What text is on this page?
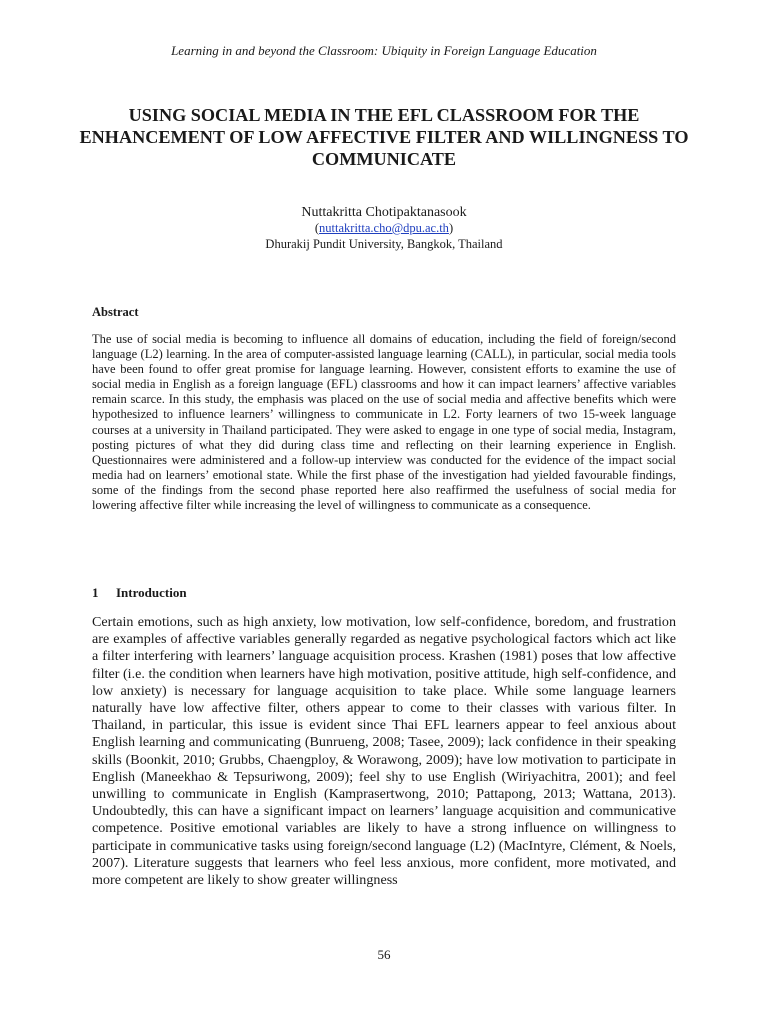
Learning in and beyond the Classroom: Ubiquity in Foreign Language Education
USING SOCIAL MEDIA IN THE EFL CLASSROOM FOR THE ENHANCEMENT OF LOW AFFECTIVE FILTER AND WILLINGNESS TO COMMUNICATE
Nuttakritta Chotipaktanasook
(nuttakritta.cho@dpu.ac.th)
Dhurakij Pundit University, Bangkok, Thailand
Abstract

The use of social media is becoming to influence all domains of education, including the field of foreign/second language (L2) learning. In the area of computer-assisted language learning (CALL), in particular, social media tools have been found to offer great promise for language learning. However, consistent efforts to examine the use of social media in English as a foreign language (EFL) classrooms and how it can impact learners’ affective variables remain scarce. In this study, the emphasis was placed on the use of social media and affective benefits which were hypothesized to influence learners’ willingness to communicate in L2. Forty learners of two 15-week language courses at a university in Thailand participated. They were asked to engage in one type of social media, Instagram, posting pictures of what they did during class time and reflecting on their learning experience in English. Questionnaires were administered and a follow-up interview was conducted for the evidence of the impact social media had on learners’ emotional state. While the first phase of the investigation had yielded favourable findings, some of the findings from the second phase reported here also reaffirmed the usefulness of social media for lowering affective filter while increasing the level of willingness to communicate as a consequence.

1 Introduction

Certain emotions, such as high anxiety, low motivation, low self-confidence, boredom, and frustration are examples of affective variables generally regarded as negative psychological factors which act like a filter interfering with learners’ language acquisition process. Krashen (1981) poses that low affective filter (i.e. the condition when learners have high motivation, positive attitude, high self-confidence, and low anxiety) is necessary for language acquisition to take place. While some language learners naturally have low affective filter, others appear to come to their classes with various filter. In Thailand, in particular, this issue is evident since Thai EFL learners appear to feel anxious about English learning and communicating (Bunrueng, 2008; Tasee, 2009); lack confidence in their speaking skills (Boonkit, 2010; Grubbs, Chaengploy, & Worawong, 2009); have low motivation to participate in English (Maneekhao & Tepsuriwong, 2009); feel shy to use English (Wiriyachitra, 2001); and feel unwilling to communicate in English (Kamprasertwong, 2010; Pattapong, 2013; Wattana, 2013). Undoubtedly, this can have a significant impact on learners’ language acquisition and communicative competence. Positive emotional variables are likely to have a strong influence on willingness to participate in communicative tasks using foreign/second language (L2) (MacIntyre, Clément, & Noels, 2007). Literature suggests that learners who feel less anxious, more confident, more motivated, and more competent are likely to show greater willingness

56
